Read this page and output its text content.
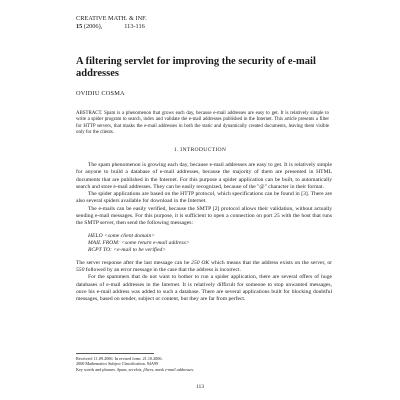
CREATIVE MATH. & INF.
15 (2006),	113-116
A filtering servlet for improving the security of e-mail addresses
OVIDIU COSMA
ABSTRACT. Spam is a phenomenon that grows each day, because e-mail addresses are easy to get. It is relatively simple to write a spider program to search, index and validate the e-mail addresses published in the Internet. This article presents a filter for HTTP servers, that masks the e-mail addresses in both the static and dynamically created documents, leaving them visible only for the clients.
1. INTRODUCTION

The spam phenomenon is growing each day, because e-mail addresses are easy to get. It is relatively simple for anyone to build a database of e-mail addresses, because the majority of them are presented in HTML documents that are published in the Internet. For this purpose a spider application can be built, to automatically search and store e-mail addresses. They can be easily recognized, because of the "@" character in their format.

The spider applications are based on the HTTP protocol, which specifications can be found in [3]. There are also several spiders available for download in the Internet.

The e-mails can be easily verified, because the SMTP [2] protocol allows their validation, without actually sending e-mail messages. For this purpose, it is sufficient to open a connection on port 25 with the host that runs the SMTP server, then send the following messages:

HELO <some client domain>
MAIL FROM: <some return e-mail address>
RCPT TO: <e-mail to be verified>

The server response after the last message can be 250 OK which means that the address exists on the server, or 550 followed by an error message in the case that the address is incorrect.

For the spammers that do not want to bother to run a spider application, there are several offers of huge databases of e-mail addresses in the Internet. It is relatively difficult for someone to stop unwanted messages, once his e-mail address was added to such a database. There are several applications built for blocking doubtful messages, based on sender, subject or content, but they are far from perfect.

Received: 11.09.2006. In revised form: 21.10.2006.
2000 Mathematics Subject Classification. 94A99
Key words and phrases. Spam, servlets, filters, mask e-mail addresses.
113
